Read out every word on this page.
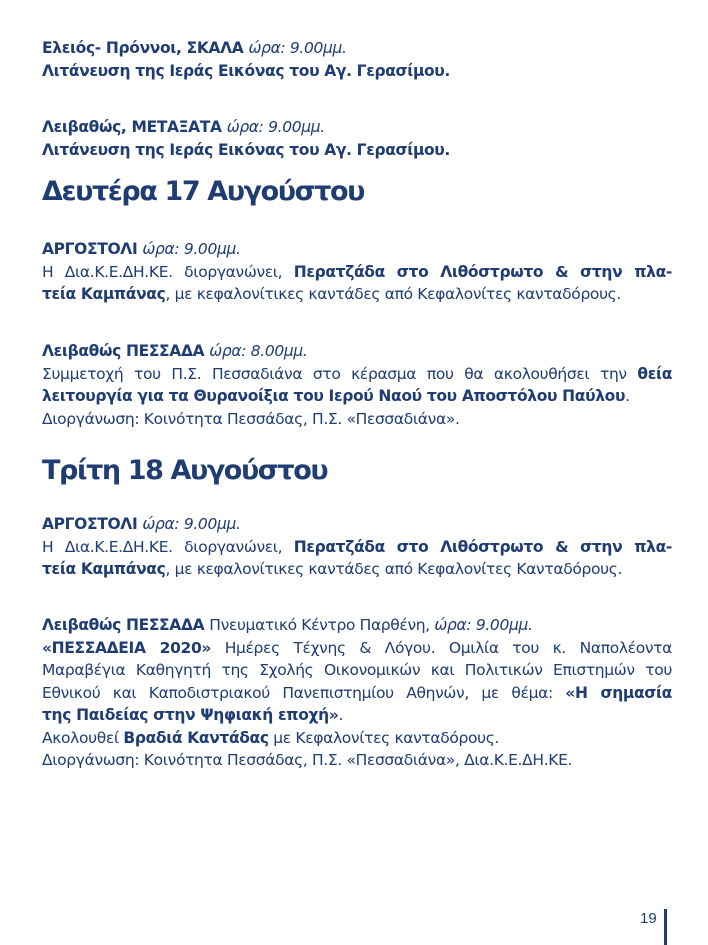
Ελειός- Πρόννοι, ΣΚΑΛΑ ώρα: 9.00μμ.
Λιτάνευση της Ιεράς Εικόνας του Αγ. Γερασίμου.
Λειβαθώς, ΜΕΤΑΞΑΤΑ ώρα: 9.00μμ.
Λιτάνευση της Ιεράς Εικόνας του Αγ. Γερασίμου.
Δευτέρα 17 Αυγούστου
ΑΡΓΟΣΤΟΛΙ ώρα: 9.00μμ.
Η Δια.Κ.Ε.ΔΗ.ΚΕ. διοργανώνει, Περατζάδα στο Λιθόστρωτο & στην πλα-
τεία Καμπάνας, με κεφαλονίτικες καντάδες από Κεφαλονίτες κανταδόρους.
Λειβαθώς ΠΕΣΣΑΔΑ ώρα: 8.00μμ.
Συμμετοχή του Π.Σ. Πεσσαδιάνα στο κέρασμα που θα ακολουθήσει την θεία
λειτουργία για τα Θυρανοίξια του Ιερού Ναού του Αποστόλου Παύλου.
Διοργάνωση: Κοινότητα Πεσσάδας, Π.Σ. «Πεσσαδιάνα».
Τρίτη 18 Αυγούστου
ΑΡΓΟΣΤΟΛΙ ώρα: 9.00μμ.
Η Δια.Κ.Ε.ΔΗ.ΚΕ. διοργανώνει, Περατζάδα στο Λιθόστρωτο & στην πλα-
τεία Καμπάνας, με κεφαλονίτικες καντάδες από Κεφαλονίτες Κανταδόρους.
Λειβαθώς ΠΕΣΣΑΔΑ Πνευματικό Κέντρο Παρθένη, ώρα: 9.00μμ.
«ΠΕΣΣΑΔΕΙΑ 2020» Ημέρες Τέχνης & Λόγου. Ομιλία του κ. Ναπολέοντα
Μαραβέγια Καθηγητή της Σχολής Οικονομικών και Πολιτικών Επιστημών του
Εθνικού και Καποδιστριακού Πανεπιστημίου Αθηνών, με θέμα: «Η σημασία
της Παιδείας στην Ψηφιακή εποχή».
Ακολουθεί Βραδιά Καντάδας με Κεφαλονίτες κανταδόρους.
Διοργάνωση: Κοινότητα Πεσσάδας, Π.Σ. «Πεσσαδιάνα», Δια.Κ.Ε.ΔΗ.ΚΕ.
19
